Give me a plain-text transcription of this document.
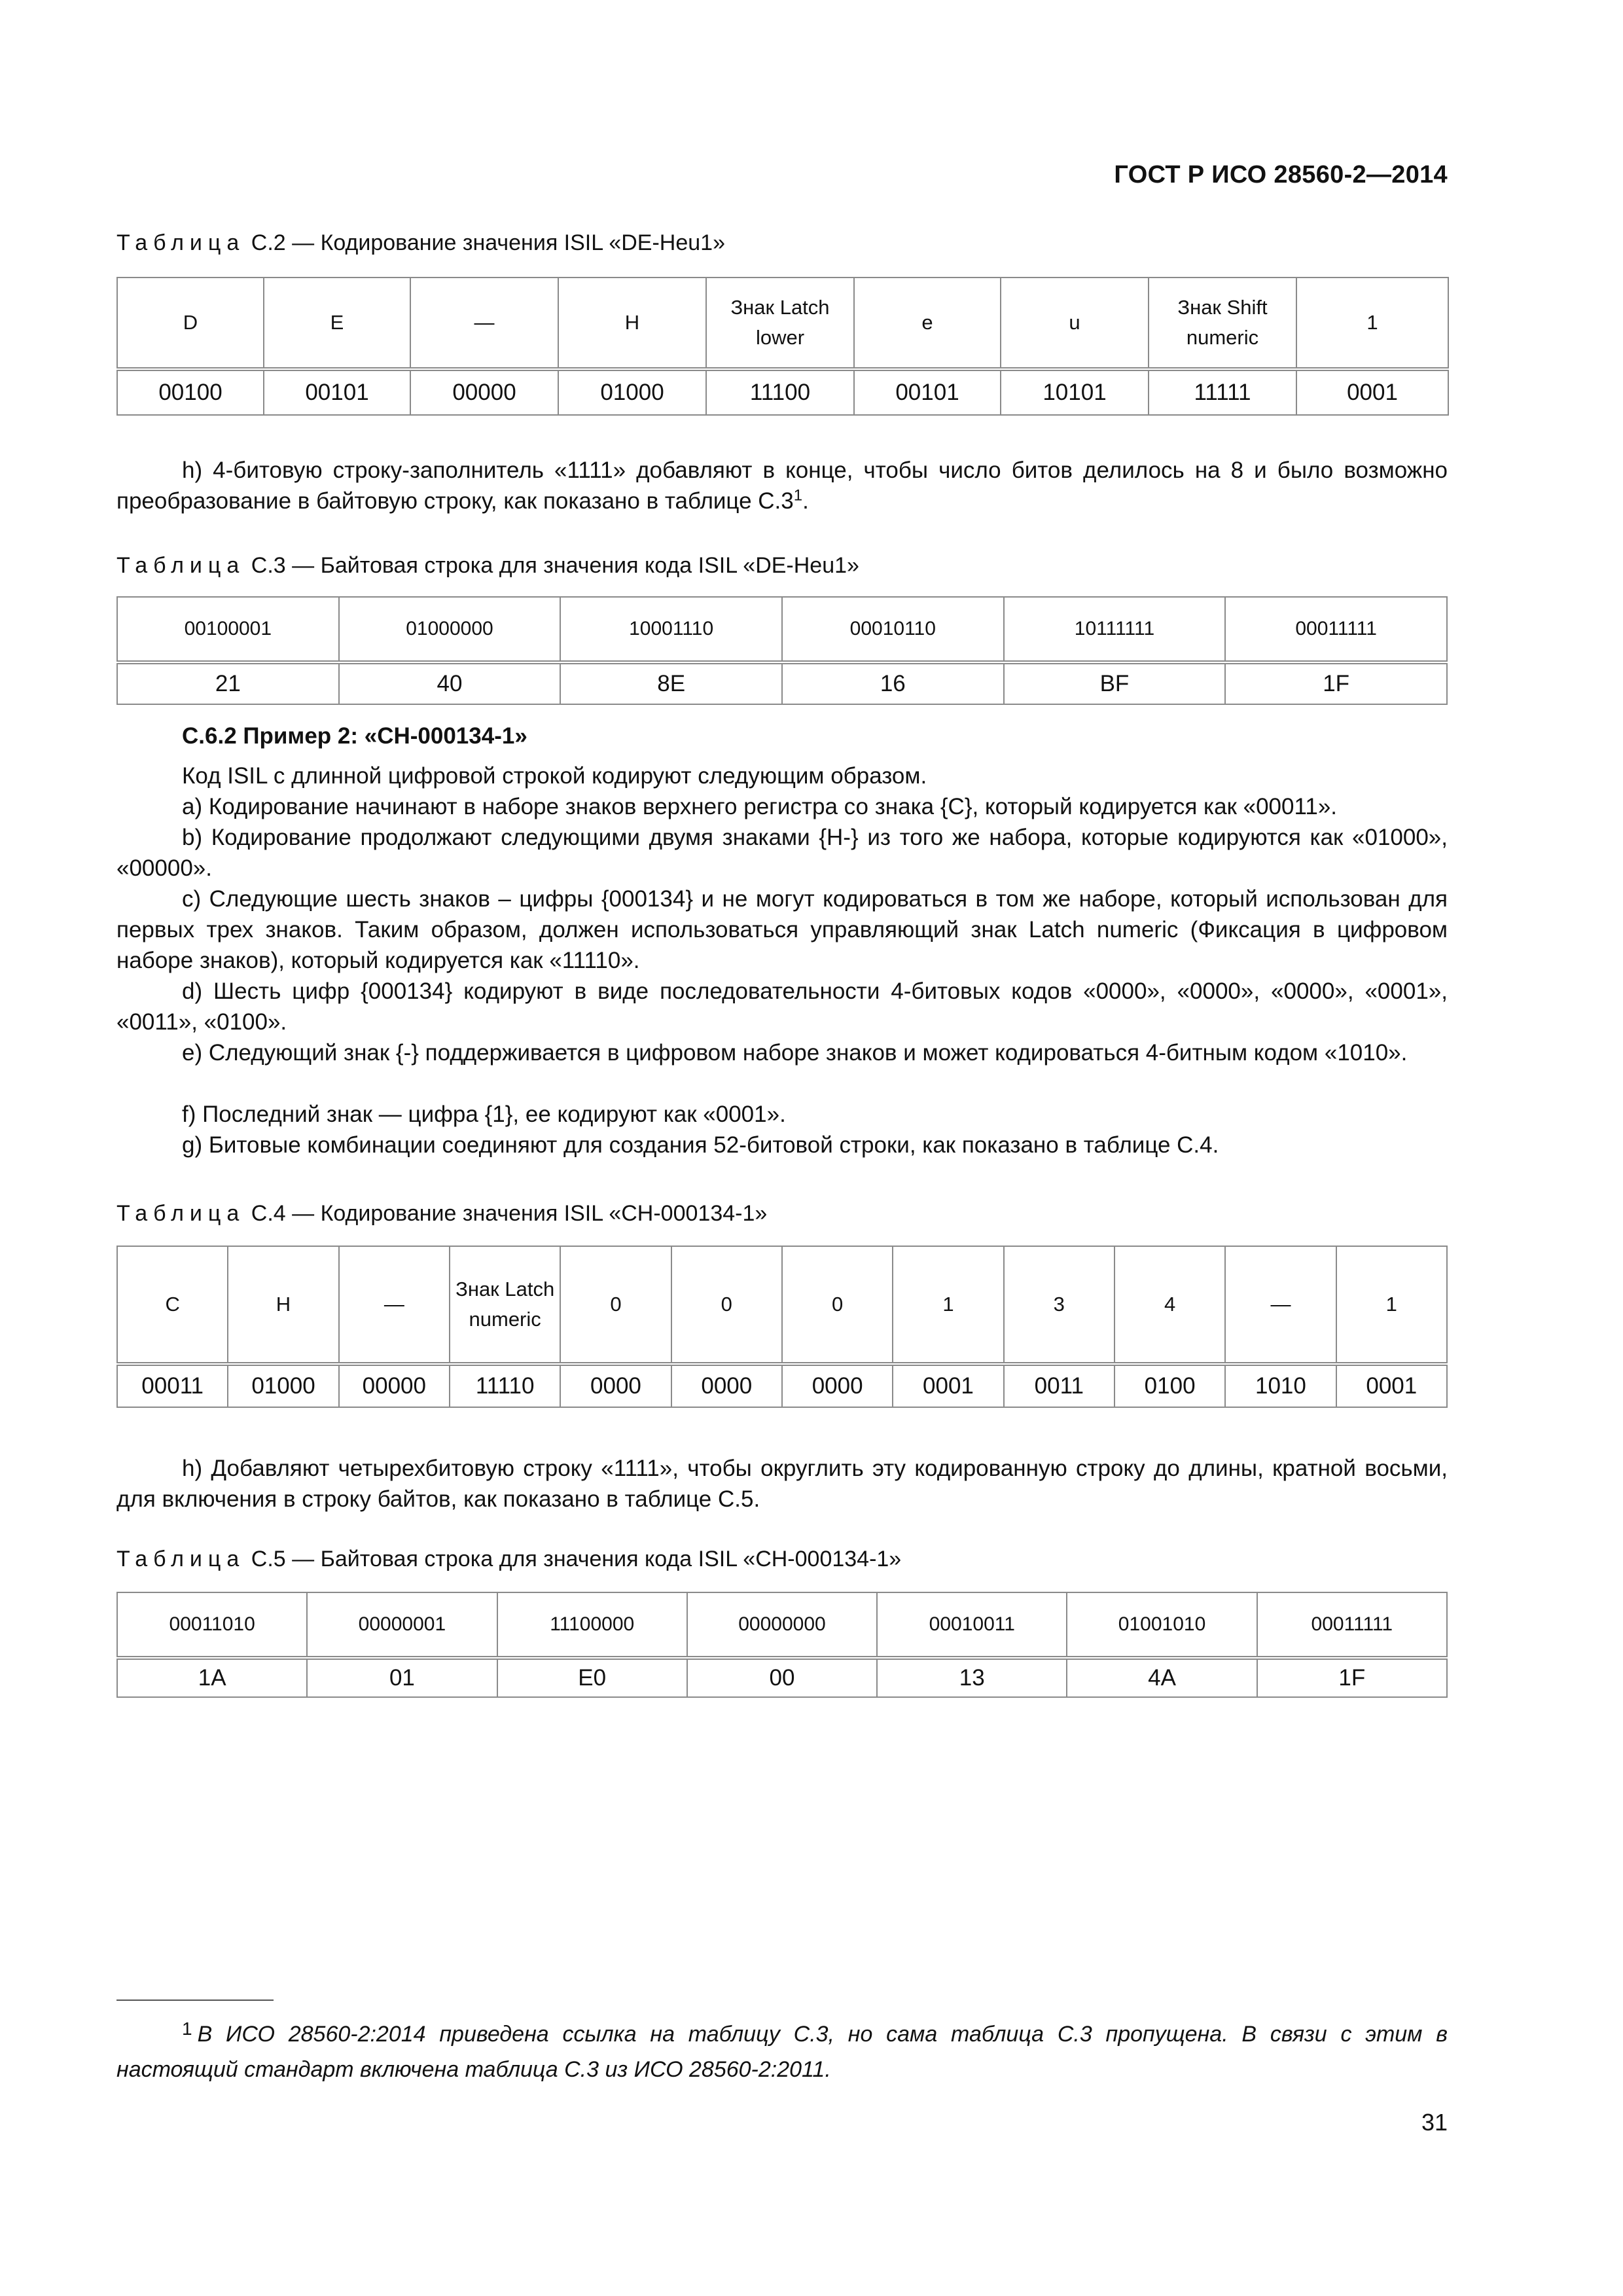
ГОСТ Р ИСО 28560-2—2014
Таблица С.2 — Кодирование значения ISIL «DE-Heu1»
D	E	—	H	Знак Latch lower	e	u	Знак Shift numeric	1
00100	00101	00000	01000	11100	00101	10101	11111	0001
h) 4-битовую строку-заполнитель «1111» добавляют в конце, чтобы число битов делилось на 8 и было возможно преобразование в байтовую строку, как показано в таблице $С.3^1$.
Таблица С.3 — Байтовая строка для значения кода ISIL «DE-Heu1»
00100001	01000000	10001110	00010110	10111111	00011111
21	40	8E	16	BF	1F
С.6.2 Пример 2: «CH-000134-1»
Код ISIL с длинной цифровой строкой кодируют следующим образом.
a) Кодирование начинают в наборе знаков верхнего регистра со знака {C}, который кодируется как «00011».
b) Кодирование продолжают следующими двумя знаками {H-} из того же набора, которые кодируются как «01000», «00000».
c) Следующие шесть знаков – цифры {000134} и не могут кодироваться в том же наборе, который использован для первых трех знаков. Таким образом, должен использоваться управляющий знак Latch numeric (Фиксация в цифровом наборе знаков), который кодируется как «11110».
d) Шесть цифр {000134} кодируют в виде последовательности 4-битовых кодов «0000», «0000», «0000», «0001», «0011», «0100».
e) Следующий знак {-} поддерживается в цифровом наборе знаков и может кодироваться 4-битным кодом «1010».
f) Последний знак — цифра {1}, ее кодируют как «0001».
g) Битовые комбинации соединяют для создания 52-битовой строки, как показано в таблице С.4.
Таблица С.4 — Кодирование значения ISIL «CH-000134-1»
C	H	—	Знак Latch numeric	0	0	0	1	3	4	—	1
00011	01000	00000	11110	0000	0000	0000	0001	0011	0100	1010	0001
h) Добавляют четырехбитовую строку «1111», чтобы округлить эту кодированную строку до длины, кратной восьми, для включения в строку байтов, как показано в таблице С.5.
Таблица С.5 — Байтовая строка для значения кода ISIL «CH-000134-1»
00011010	00000001	11100000	00000000	00010011	01001010	00011111
1A	01	E0	00	13	4A	1F
$^1$ В ИСО 28560-2:2014 приведена ссылка на таблицу С.3, но сама таблица С.3 пропущена. В связи с этим в настоящий стандарт включена таблица С.3 из ИСО 28560-2:2011.
31
